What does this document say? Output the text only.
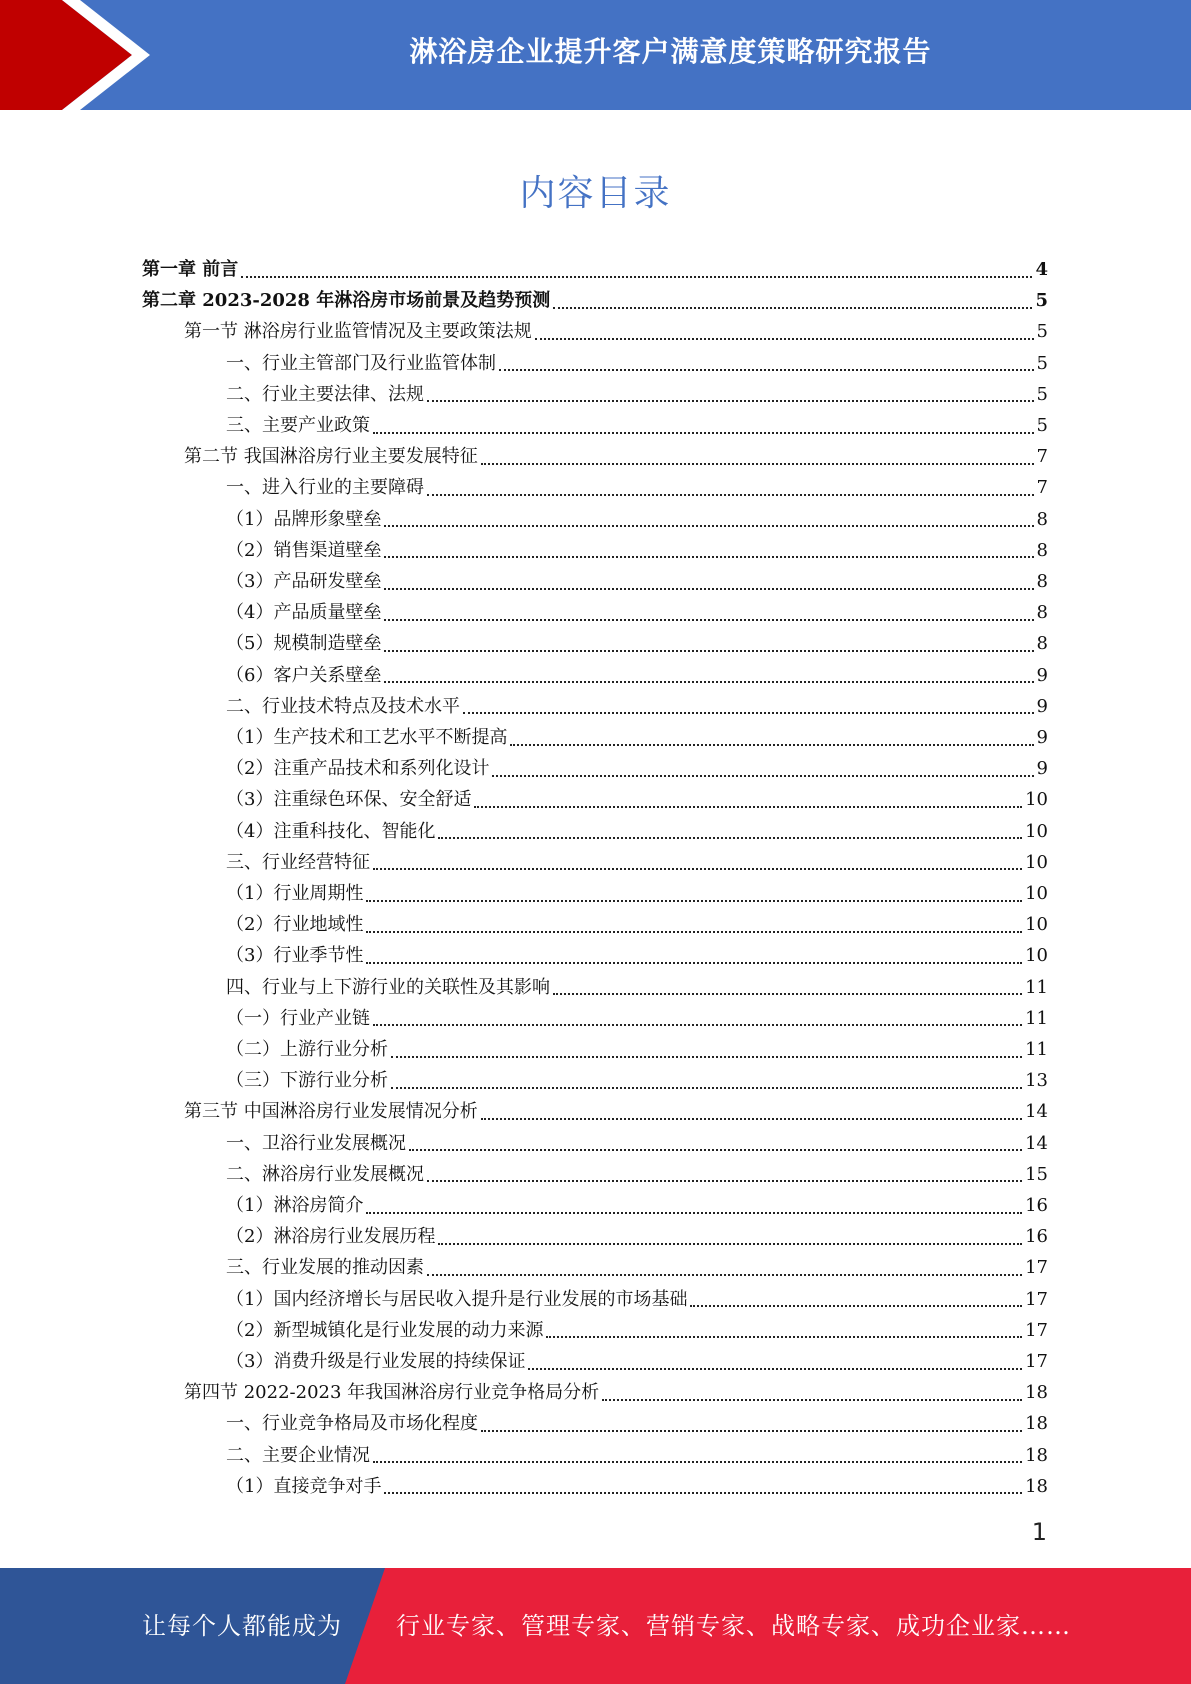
淋浴房企业提升客户满意度策略研究报告
内容目录
第一章 前言	4
第二章 2023-2028 年淋浴房市场前景及趋势预测	5
第一节 淋浴房行业监管情况及主要政策法规	5
一、行业主管部门及行业监管体制	5
二、行业主要法律、法规	5
三、主要产业政策	5
第二节 我国淋浴房行业主要发展特征	7
一、进入行业的主要障碍	7
（1）品牌形象壁垒	8
（2）销售渠道壁垒	8
（3）产品研发壁垒	8
（4）产品质量壁垒	8
（5）规模制造壁垒	8
（6）客户关系壁垒	9
二、行业技术特点及技术水平	9
（1）生产技术和工艺水平不断提高	9
（2）注重产品技术和系列化设计	9
（3）注重绿色环保、安全舒适	10
（4）注重科技化、智能化	10
三、行业经营特征	10
（1）行业周期性	10
（2）行业地域性	10
（3）行业季节性	10
四、行业与上下游行业的关联性及其影响	11
（一）行业产业链	11
（二）上游行业分析	11
（三）下游行业分析	13
第三节 中国淋浴房行业发展情况分析	14
一、卫浴行业发展概况	14
二、淋浴房行业发展概况	15
（1）淋浴房简介	16
（2）淋浴房行业发展历程	16
三、行业发展的推动因素	17
（1）国内经济增长与居民收入提升是行业发展的市场基础	17
（2）新型城镇化是行业发展的动力来源	17
（3）消费升级是行业发展的持续保证	17
第四节 2022-2023 年我国淋浴房行业竞争格局分析	18
一、行业竞争格局及市场化程度	18
二、主要企业情况	18
（1）直接竞争对手	18
1
让每个人都能成为 行业专家、管理专家、营销专家、战略专家、成功企业家……
